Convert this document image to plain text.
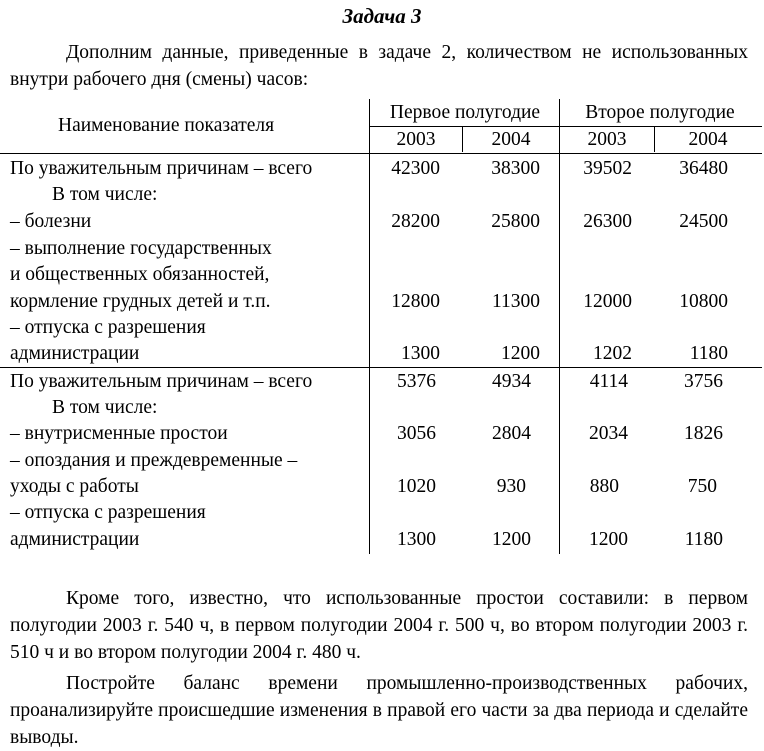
Задача 3

Дополним данные, приведенные в задаче 2, количеством не использованных внутри рабочего дня (смены) часов:

Наименование показателя
Первое полугодие	Второе полугодие
2003	2004	2003	2004
По уважительным причинам – всего	42300	38300	39502	36480
В том числе:
– болезни	28200	25800	26300	24500
– выполнение государственных
и общественных обязанностей,
кормление грудных детей и т.п.	12800	11300	12000	10800
– отпуска с разрешения
администрации	1300	1200	1202	1180
По уважительным причинам – всего	5376	4934	4114	3756
В том числе:
– внутрисменные простои	3056	2804	2034	1826
– опоздания и преждевременные –
уходы с работы	1020	930	880	750
– отпуска с разрешения
администрации	1300	1200	1200	1180

Кроме того, известно, что использованные простои составили: в первом полугодии 2003 г. 540 ч, в первом полугодии 2004 г. 500 ч, во втором полугодии 2003 г. 510 ч и во втором полугодии 2004 г. 480 ч.

Постройте баланс времени промышленно-производственных рабочих, проанализируйте происшедшие изменения в правой его части за два периода и сделайте выводы.
